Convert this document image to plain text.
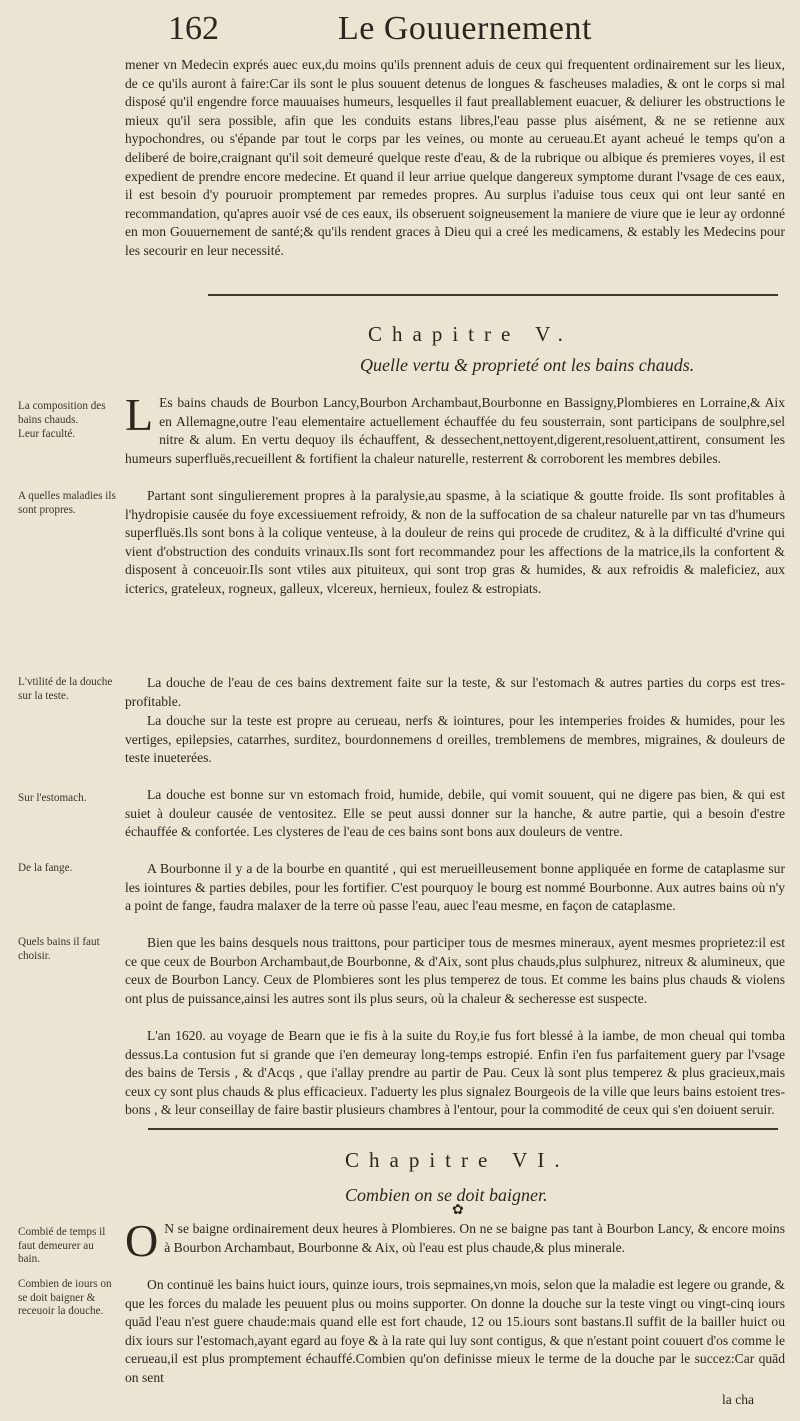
162	Le Gouuernement

mener vn Medecin exprés auec eux,du moins qu'ils prennent aduis de ceux qui frequentent ordinairement sur les lieux, de ce qu'ils auront à faire:Car ils sont le plus souuent detenus de longues & fascheuses maladies, & ont le corps si mal disposé qu'il engendre force mauuaises humeurs, lesquelles il faut preallablement euacuer, & deliurer les obstructions le mieux qu'il sera possible, afin que les conduits estans libres,l'eau passe plus aisément, & ne se retienne aux hypochondres, ou s'épande par tout le corps par les veines, ou monte au cerueau.Et ayant acheué le temps qu'on a deliberé de boire,craignant qu'il soit demeuré quelque reste d'eau, & de la rubrique ou albique és premieres voyes, il est expedient de prendre encore medecine. Et quand il leur arriue quelque dangereux symptome durant l'vsage de ces eaux, il est besoin d'y pouruoir promptement par remedes propres. Au surplus i'aduise tous ceux qui ont leur santé en recommandation, qu'apres auoir vsé de ces eaux, ils obseruent soigneusement la maniere de viure que ie leur ay ordonné en mon Gouuernement de santé;& qu'ils rendent graces à Dieu qui a creé les medicamens, & estably les Medecins pour les secourir en leur necessité.

Chapitre V.
Quelle vertu & proprieté ont les bains chauds.

L Es bains chauds de Bourbon Lancy,Bourbon Archambaut,Bourbonne en Bassigny,Plombieres en Lorraine,& Aix en Allemagne,outre l'eau elementaire actuellement échauffée du feu sousterrain, sont participans de soulphre,sel nitre & alum. En vertu dequoy ils échauffent, & dessechent,nettoyent,digerent,resoluent,attirent, consument les humeurs superfluës,recueillent & fortifient la chaleur naturelle, resterrent & corroborent les membres debiles.

Partant sont singulierement propres à la paralysie,au spasme, à la sciatique & goutte froide. Ils sont profitables à l'hydropisie causée du foye excessiuement refroidy, & non de la suffocation de sa chaleur naturelle par vn tas d'humeurs superfluës.Ils sont bons à la colique venteuse, à la douleur de reins qui procede de cruditez, & à la difficulté d'vrine qui vient d'obstruction des conduits vrinaux.Ils sont fort recommandez pour les affections de la matrice,ils la confortent & disposent à conceuoir.Ils sont vtiles aux pituiteux, qui sont trop gras & humides, & aux refroidis & maleficiez, aux icterics, grateleux, rogneux, galleux, vlcereux, hernieux, foulez & estropiats.

La douche de l'eau de ces bains dextrement faite sur la teste, & sur l'estomach & autres parties du corps est tres-profitable.

La douche sur la teste est propre au cerueau, nerfs & iointures, pour les intemperies froides & humides, pour les vertiges, epilepsies, catarrhes, surditez, bourdonnemens d oreilles, tremblemens de membres, migraines, & douleurs de teste inueterées.

La douche est bonne sur vn estomach froid, humide, debile, qui vomit souuent, qui ne digere pas bien, & qui est suiet à douleur causée de ventositez. Elle se peut aussi donner sur la hanche, & autre partie, qui a besoin d'estre échauffée & confortée. Les clysteres de l'eau de ces bains sont bons aux douleurs de ventre.

A Bourbonne il y a de la bourbe en quantité , qui est merueilleusement bonne appliquée en forme de cataplasme sur les iointures & parties debiles, pour les fortifier. C'est pourquoy le bourg est nommé Bourbonne. Aux autres bains où n'y a point de fange, faudra malaxer de la terre où passe l'eau, auec l'eau mesme, en façon de cataplasme.

Bien que les bains desquels nous traittons, pour participer tous de mesmes mineraux, ayent mesmes proprietez:il est ce que ceux de Bourbon Archambaut,de Bourbonne, & d'Aix, sont plus chauds,plus sulphurez, nitreux & alumineux, que ceux de Bourbon Lancy. Ceux de Plombieres sont les plus temperez de tous. Et comme les bains plus chauds & violens ont plus de puissance,ainsi les autres sont ils plus seurs, où la chaleur & secheresse est suspecte.

L'an 1620. au voyage de Bearn que ie fis à la suite du Roy,ie fus fort blessé à la iambe, de mon cheual qui tomba dessus.La contusion fut si grande que i'en demeuray long-temps estropié. Enfin i'en fus parfaitement guery par l'vsage des bains de Tersis , & d'Acqs , que i'allay prendre au partir de Pau. Ceux là sont plus temperez & plus gracieux,mais ceux cy sont plus chauds & plus efficacieux. I'aduerty les plus signalez Bourgeois de la ville que leurs bains estoient tres-bons , & leur conseillay de faire bastir plusieurs chambres à l'entour, pour la commodité de ceux qui s'en doiuent seruir.

La composition des bains chauds.
Leur faculté.
A quelles maladies ils sont propres.
L'vtilité de la douche sur la teste.
Sur l'estomach.
De la fange.
Quels bains il faut choisir.
Chapitre VI.
Combien on se doit baigner.
✿

O N se baigne ordinairement deux heures à Plombieres. On ne se baigne pas tant à Bourbon Lancy, & encore moins à Bourbon Archambaut, Bourbonne & Aix, où l'eau est plus chaude,& plus minerale.

On continuë les bains huict iours, quinze iours, trois sepmaines,vn mois, selon que la maladie est legere ou grande, & que les forces du malade les peuuent plus ou moins supporter. On donne la douche sur la teste vingt ou vingt-cinq iours quād l'eau n'est guere chaude:mais quand elle est fort chaude, 12 ou 15.iours sont bastans.Il suffit de la bailler huict ou dix iours sur l'estomach,ayant egard au foye & à la rate qui luy sont contigus, & que n'estant point couuert d'os comme le cerueau,il est plus promptement échauffé.Combien qu'on definisse mieux le terme de la douche par le succez:Car quād on sent

Combié de temps il faut demeurer au bain.
Combien de iours on se doit baigner & receuoir la douche.
la cha
